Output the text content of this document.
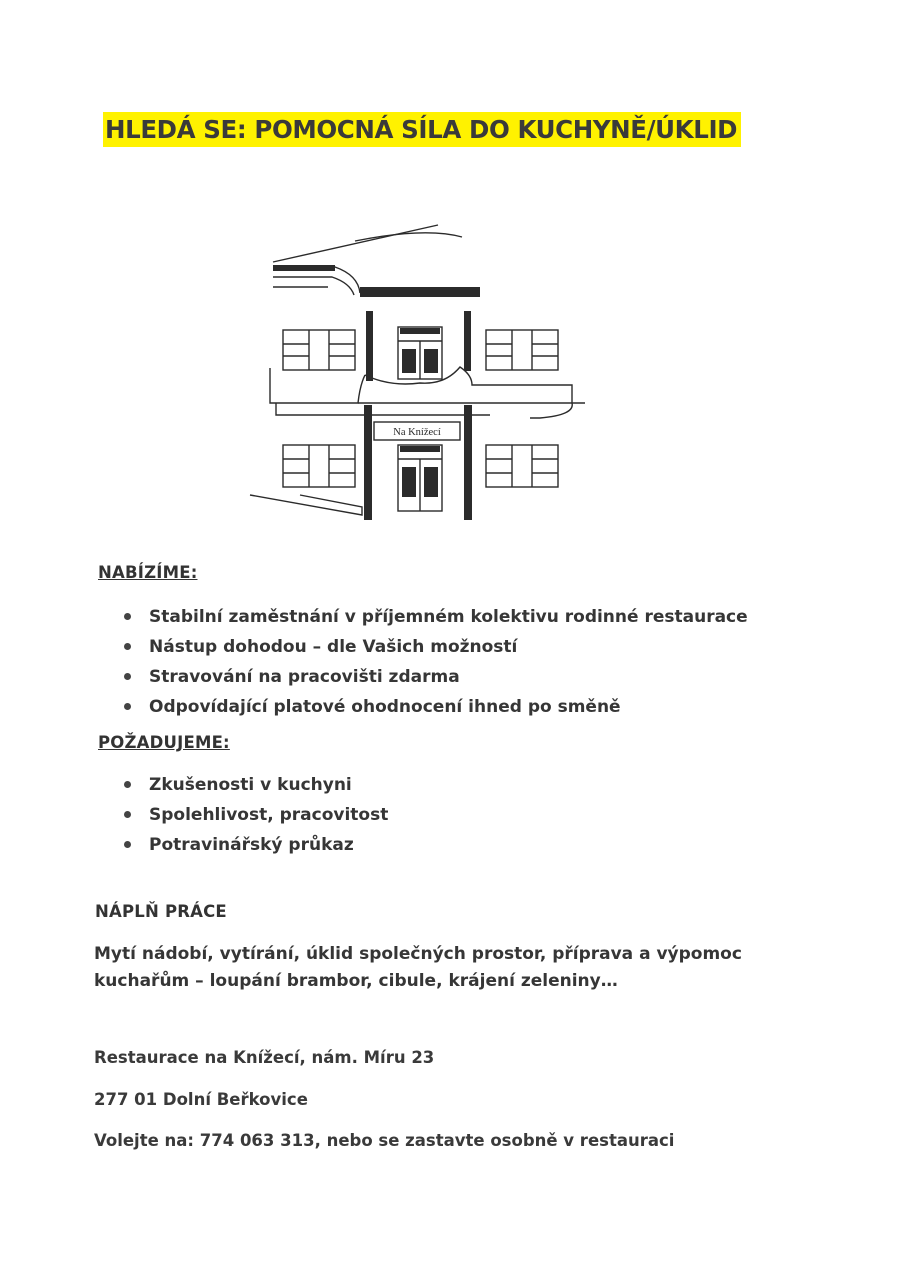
HLEDÁ SE: POMOCNÁ SÍLA DO KUCHYNĚ/ÚKLID
Na Knížecí
NABÍZÍME:
Stabilní zaměstnání v příjemném kolektivu rodinné restaurace
Nástup dohodou – dle Vašich možností
Stravování na pracovišti zdarma
Odpovídající platové ohodnocení ihned po směně
POŽADUJEME:
Zkušenosti v kuchyni
Spolehlivost, pracovitost
Potravinářský průkaz
NÁPLŇ PRÁCE
Mytí nádobí, vytírání, úklid společných prostor, příprava a výpomoc
kuchařům – loupání brambor, cibule, krájení zeleniny…
Restaurace na Knížecí, nám. Míru 23
277 01 Dolní Beřkovice
Volejte na: 774 063 313, nebo se zastavte osobně v restauraci
